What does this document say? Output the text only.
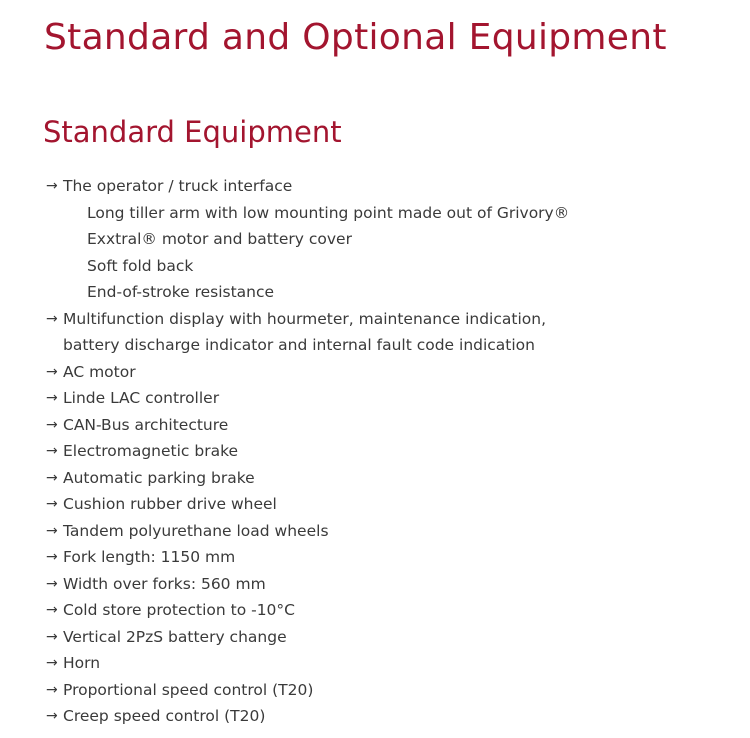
Standard and Optional Equipment
Standard Equipment
→ The operator / truck interface
Long tiller arm with low mounting point made out of Grivory®
Exxtral® motor and battery cover
Soft fold back
End-of-stroke resistance
→ Multifunction display with hourmeter, maintenance indication,
battery discharge indicator and internal fault code indication
→ AC motor
→ Linde LAC controller
→ CAN-Bus architecture
→ Electromagnetic brake
→ Automatic parking brake
→ Cushion rubber drive wheel
→ Tandem polyurethane load wheels
→ Fork length: 1150 mm
→ Width over forks: 560 mm
→ Cold store protection to -10°C
→ Vertical 2PzS battery change
→ Horn
→ Proportional speed control (T20)
→ Creep speed control (T20)
